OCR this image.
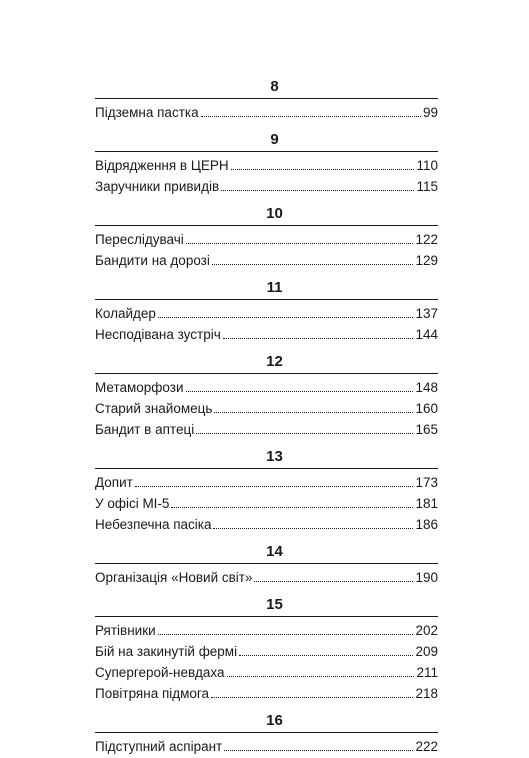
8
Підземна пастка	99
9
Відрядження в ЦЕРН	110
Заручники привидів	115
10
Переслідувачі	122
Бандити на дорозі	129
11
Колайдер	137
Несподівана зустріч	144
12
Метаморфози	148
Старий знайомець	160
Бандит в аптеці	165
13
Допит	173
У офісі МІ-5	181
Небезпечна пасіка	186
14
Організація «Новий світ»	190
15
Рятівники	202
Бій на закинутій фермі	209
Супергерой-невдаха	211
Повітряна підмога	218
16
Підступний аспірант	222
